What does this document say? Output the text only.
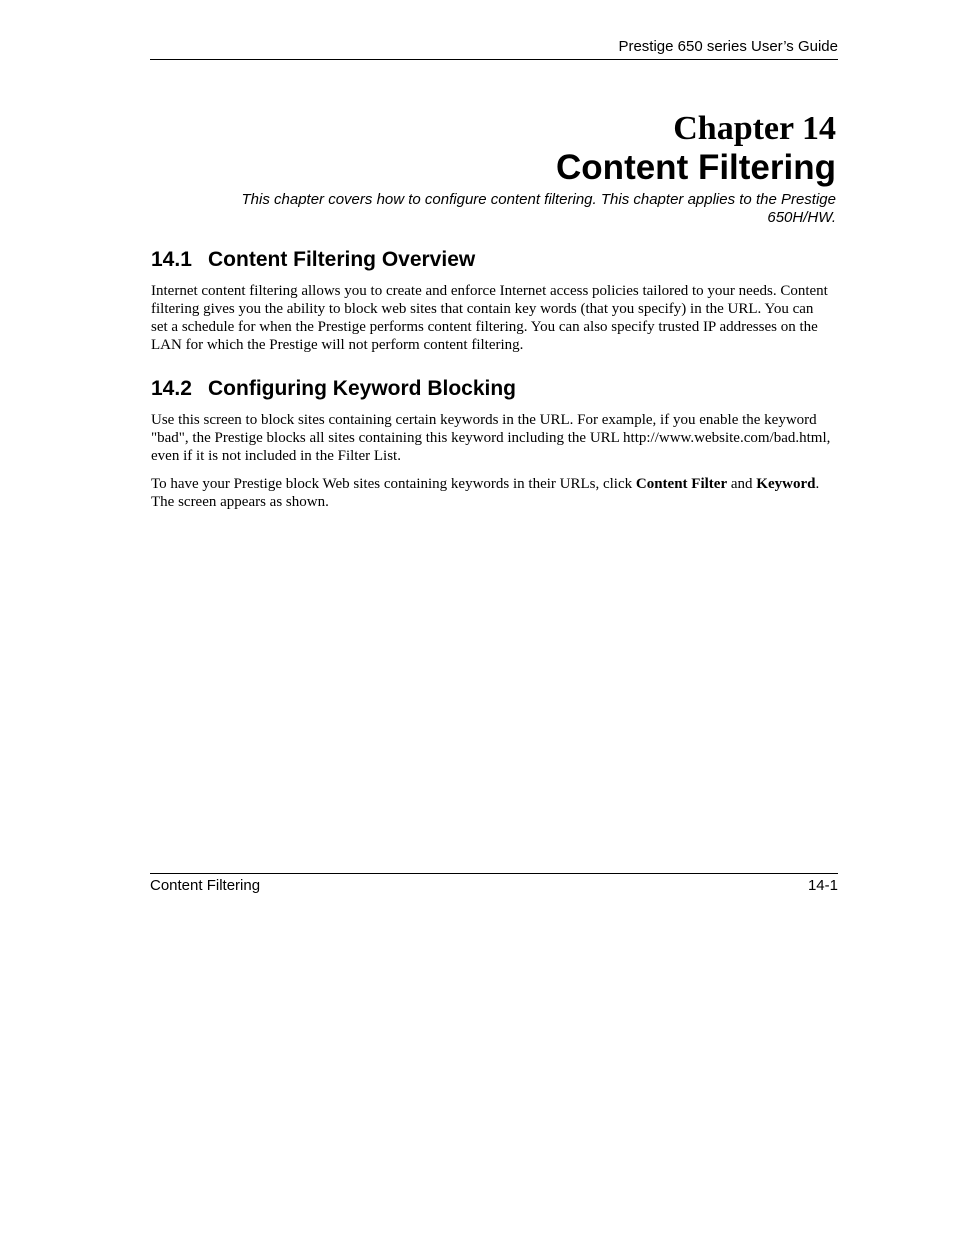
Prestige 650 series User’s Guide
Chapter 14
Content Filtering
This chapter covers how to configure content filtering. This chapter applies to the Prestige
650H/HW.
14.1 Content Filtering Overview
Internet content filtering allows you to create and enforce Internet access policies tailored to your needs. Content filtering gives you the ability to block web sites that contain key words (that you specify) in the URL. You can set a schedule for when the Prestige performs content filtering. You can also specify trusted IP addresses on the LAN for which the Prestige will not perform content filtering.
14.2 Configuring Keyword Blocking
Use this screen to block sites containing certain keywords in the URL. For example, if you enable the keyword "bad", the Prestige blocks all sites containing this keyword including the URL http://www.website.com/bad.html, even if it is not included in the Filter List.
To have your Prestige block Web sites containing keywords in their URLs, click Content Filter and Keyword. The screen appears as shown.
Content Filtering	14-1
